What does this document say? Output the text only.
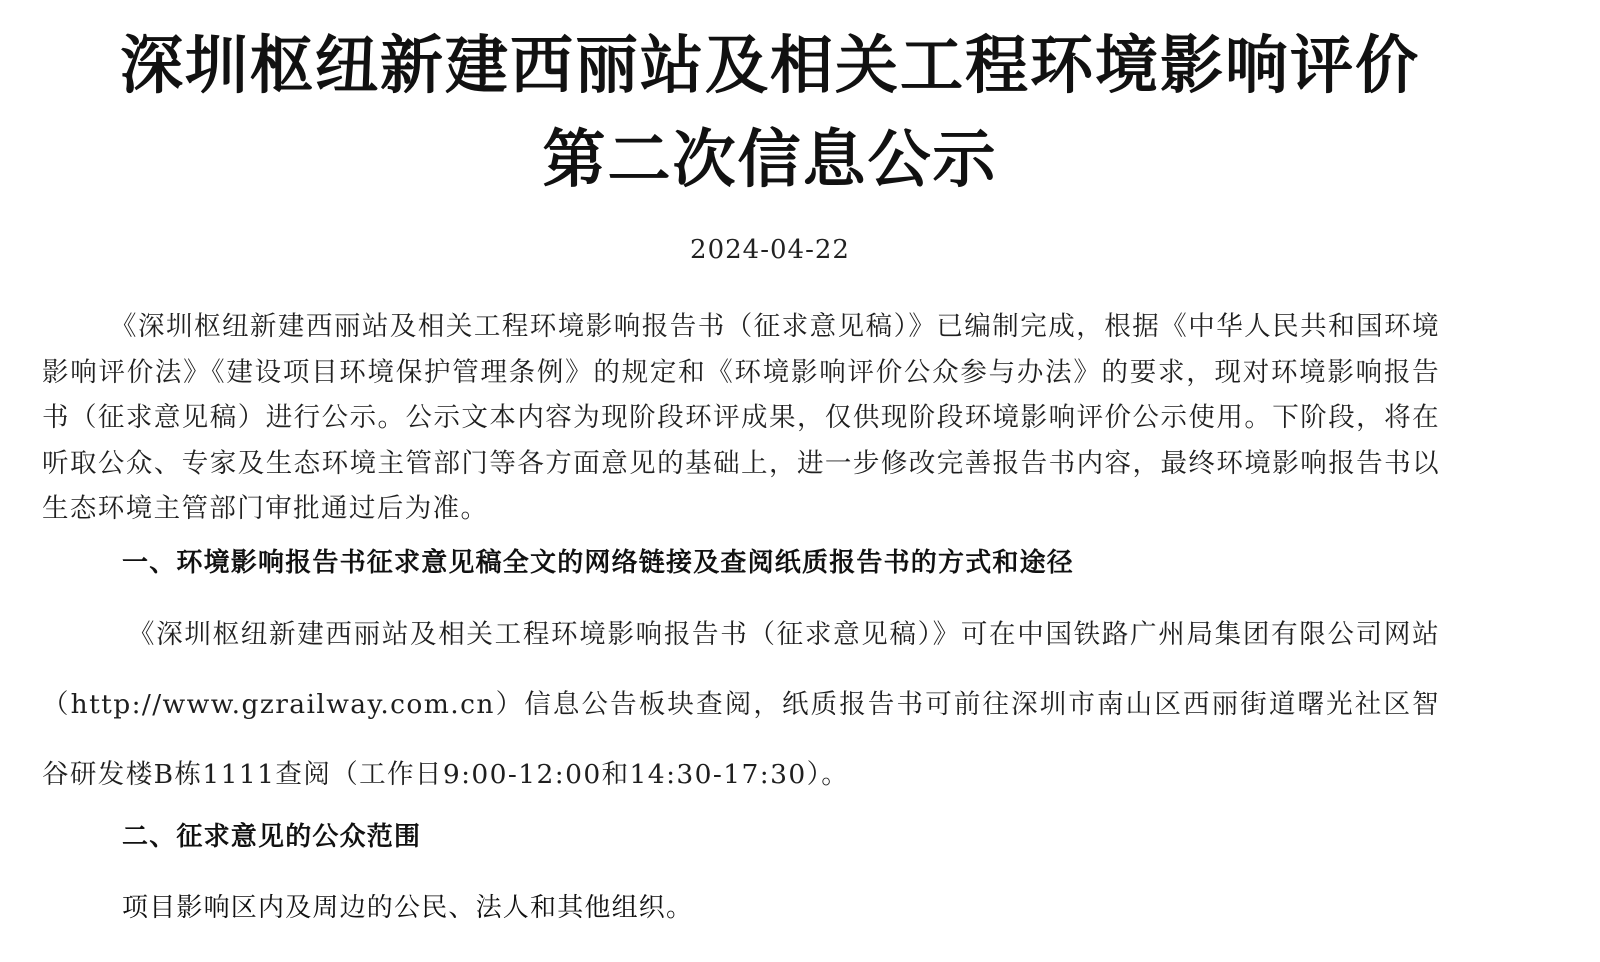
深圳枢纽新建西丽站及相关工程环境影响评价
第二次信息公示
2024-04-22

《深圳枢纽新建西丽站及相关工程环境影响报告书（征求意见稿）》已编制完成，根据《中华人民共和国环境影响评价法》《建设项目环境保护管理条例》的规定和《环境影响评价公众参与办法》的要求，现对环境影响报告书（征求意见稿）进行公示。公示文本内容为现阶段环评成果，仅供现阶段环境影响评价公示使用。下阶段，将在听取公众、专家及生态环境主管部门等各方面意见的基础上，进一步修改完善报告书内容，最终环境影响报告书以生态环境主管部门审批通过后为准。

一、环境影响报告书征求意见稿全文的网络链接及查阅纸质报告书的方式和途径

《深圳枢纽新建西丽站及相关工程环境影响报告书（征求意见稿）》可在中国铁路广州局集团有限公司网站（http://www.gzrailway.com.cn）信息公告板块查阅，纸质报告书可前往深圳市南山区西丽街道曙光社区智谷研发楼B栋1111查阅（工作日9:00-12:00和14:30-17:30）。

二、征求意见的公众范围

项目影响区内及周边的公民、法人和其他组织。
